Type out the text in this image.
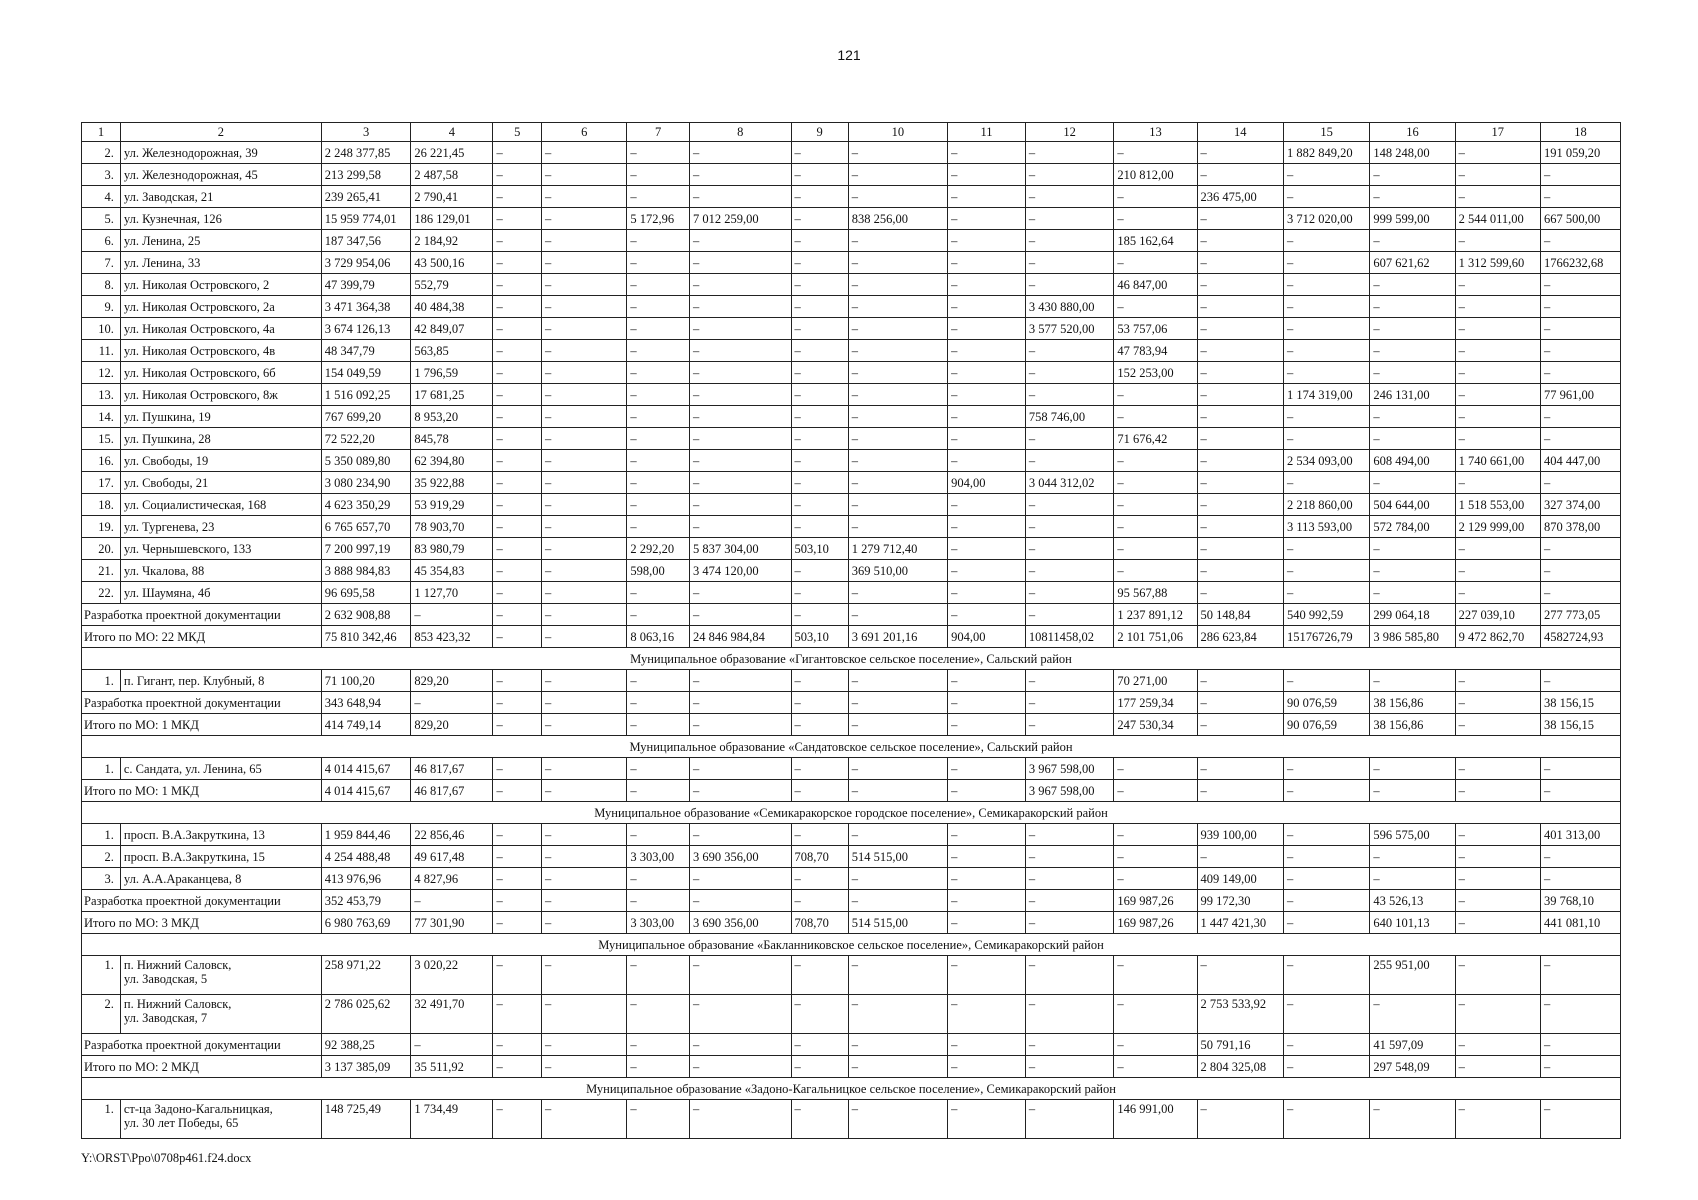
121
1	2	3	4	5	6	7	8	9	10	11	12	13	14	15	16	17	18
2.	ул. Железнодорожная, 39	2 248 377,85	26 221,45	–	–	–	–	–	–	–	–	–	–	1 882 849,20	148 248,00	–	191 059,20
3.	ул. Железнодорожная, 45	213 299,58	2 487,58	–	–	–	–	–	–	–	–	210 812,00	–	–	–	–	–
4.	ул. Заводская, 21	239 265,41	2 790,41	–	–	–	–	–	–	–	–	–	236 475,00	–	–	–	–
5.	ул. Кузнечная, 126	15 959 774,01	186 129,01	–	–	5 172,96	7 012 259,00	–	838 256,00	–	–	–	–	3 712 020,00	999 599,00	2 544 011,00	667 500,00
6.	ул. Ленина, 25	187 347,56	2 184,92	–	–	–	–	–	–	–	–	185 162,64	–	–	–	–	–
7.	ул. Ленина, 33	3 729 954,06	43 500,16	–	–	–	–	–	–	–	–	–	–	–	607 621,62	1 312 599,60	1766232,68
8.	ул. Николая Островского, 2	47 399,79	552,79	–	–	–	–	–	–	–	–	46 847,00	–	–	–	–	–
9.	ул. Николая Островского, 2а	3 471 364,38	40 484,38	–	–	–	–	–	–	–	3 430 880,00	–	–	–	–	–	–
10.	ул. Николая Островского, 4а	3 674 126,13	42 849,07	–	–	–	–	–	–	–	3 577 520,00	53 757,06	–	–	–	–	–
11.	ул. Николая Островского, 4в	48 347,79	563,85	–	–	–	–	–	–	–	–	47 783,94	–	–	–	–	–
12.	ул. Николая Островского, 6б	154 049,59	1 796,59	–	–	–	–	–	–	–	–	152 253,00	–	–	–	–	–
13.	ул. Николая Островского, 8ж	1 516 092,25	17 681,25	–	–	–	–	–	–	–	–	–	–	1 174 319,00	246 131,00	–	77 961,00
14.	ул. Пушкина, 19	767 699,20	8 953,20	–	–	–	–	–	–	–	758 746,00	–	–	–	–	–	–
15.	ул. Пушкина, 28	72 522,20	845,78	–	–	–	–	–	–	–	–	71 676,42	–	–	–	–	–
16.	ул. Свободы, 19	5 350 089,80	62 394,80	–	–	–	–	–	–	–	–	–	–	2 534 093,00	608 494,00	1 740 661,00	404 447,00
17.	ул. Свободы, 21	3 080 234,90	35 922,88	–	–	–	–	–	–	904,00	3 044 312,02	–	–	–	–	–	–
18.	ул. Социалистическая, 168	4 623 350,29	53 919,29	–	–	–	–	–	–	–	–	–	–	2 218 860,00	504 644,00	1 518 553,00	327 374,00
19.	ул. Тургенева, 23	6 765 657,70	78 903,70	–	–	–	–	–	–	–	–	–	–	3 113 593,00	572 784,00	2 129 999,00	870 378,00
20.	ул. Чернышевского, 133	7 200 997,19	83 980,79	–	–	2 292,20	5 837 304,00	503,10	1 279 712,40	–	–	–	–	–	–	–	–
21.	ул. Чкалова, 88	3 888 984,83	45 354,83	–	–	598,00	3 474 120,00	–	369 510,00	–	–	–	–	–	–	–	–
22.	ул. Шаумяна, 4б	96 695,58	1 127,70	–	–	–	–	–	–	–	–	95 567,88	–	–	–	–	–
Разработка проектной документации		2 632 908,88	–	–	–	–	–	–	–	–	–	1 237 891,12	50 148,84	540 992,59	299 064,18	227 039,10	277 773,05
Итого по МО: 22 МКД		75 810 342,46	853 423,32	–	–	8 063,16	24 846 984,84	503,10	3 691 201,16	904,00	10811458,02	2 101 751,06	286 623,84	15176726,79	3 986 585,80	9 472 862,70	4582724,93
Муниципальное образование «Гигантовское сельское поселение», Сальский район																	
1.	п. Гигант, пер. Клубный, 8	71 100,20	829,20	–	–	–	–	–	–	–	–	70 271,00	–	–	–	–	–
Разработка проектной документации		343 648,94	–	–	–	–	–	–	–	–	–	177 259,34	–	90 076,59	38 156,86	–	38 156,15
Итого по МО: 1 МКД		414 749,14	829,20	–	–	–	–	–	–	–	–	247 530,34	–	90 076,59	38 156,86	–	38 156,15
Муниципальное образование «Сандатовское сельское поселение», Сальский район																	
1.	с. Сандата, ул. Ленина, 65	4 014 415,67	46 817,67	–	–	–	–	–	–	–	3 967 598,00	–	–	–	–	–	–
Итого по МО: 1 МКД		4 014 415,67	46 817,67	–	–	–	–	–	–	–	3 967 598,00	–	–	–	–	–	–
Муниципальное образование «Семикаракорское городское поселение», Семикаракорский район																	
1.	просп. В.А.Закруткина, 13	1 959 844,46	22 856,46	–	–	–	–	–	–	–	–	–	939 100,00	–	596 575,00	–	401 313,00
2.	просп. В.А.Закруткина, 15	4 254 488,48	49 617,48	–	–	3 303,00	3 690 356,00	708,70	514 515,00	–	–	–	–	–	–	–	–
3.	ул. А.А.Араканцева, 8	413 976,96	4 827,96	–	–	–	–	–	–	–	–	–	409 149,00	–	–	–	–
Разработка проектной документации		352 453,79	–	–	–	–	–	–	–	–	–	169 987,26	99 172,30	–	43 526,13	–	39 768,10
Итого по МО: 3 МКД		6 980 763,69	77 301,90	–	–	3 303,00	3 690 356,00	708,70	514 515,00	–	–	169 987,26	1 447 421,30	–	640 101,13	–	441 081,10
Муниципальное образование «Бакланниковское сельское поселение», Семикаракорский район																	
1.	п. Нижний Саловск,
ул. Заводская, 5	258 971,22	3 020,22	–	–	–	–	–	–	–	–	–	–	–	255 951,00	–	–
2.	п. Нижний Саловск,
ул. Заводская, 7	2 786 025,62	32 491,70	–	–	–	–	–	–	–	–	–	2 753 533,92	–	–	–	–
Разработка проектной документации		92 388,25	–	–	–	–	–	–	–	–	–	–	50 791,16	–	41 597,09	–	–
Итого по МО: 2 МКД		3 137 385,09	35 511,92	–	–	–	–	–	–	–	–	–	2 804 325,08	–	297 548,09	–	–
Муниципальное образование «Задоно-Кагальницкое сельское поселение», Семикаракорский район																	
1.	ст-ца Задоно-Кагальницкая,
ул. 30 лет Победы, 65	148 725,49	1 734,49	–	–	–	–	–	–	–	–	146 991,00	–	–	–	–	–
Y:\ORST\Ppo\0708p461.f24.docx
